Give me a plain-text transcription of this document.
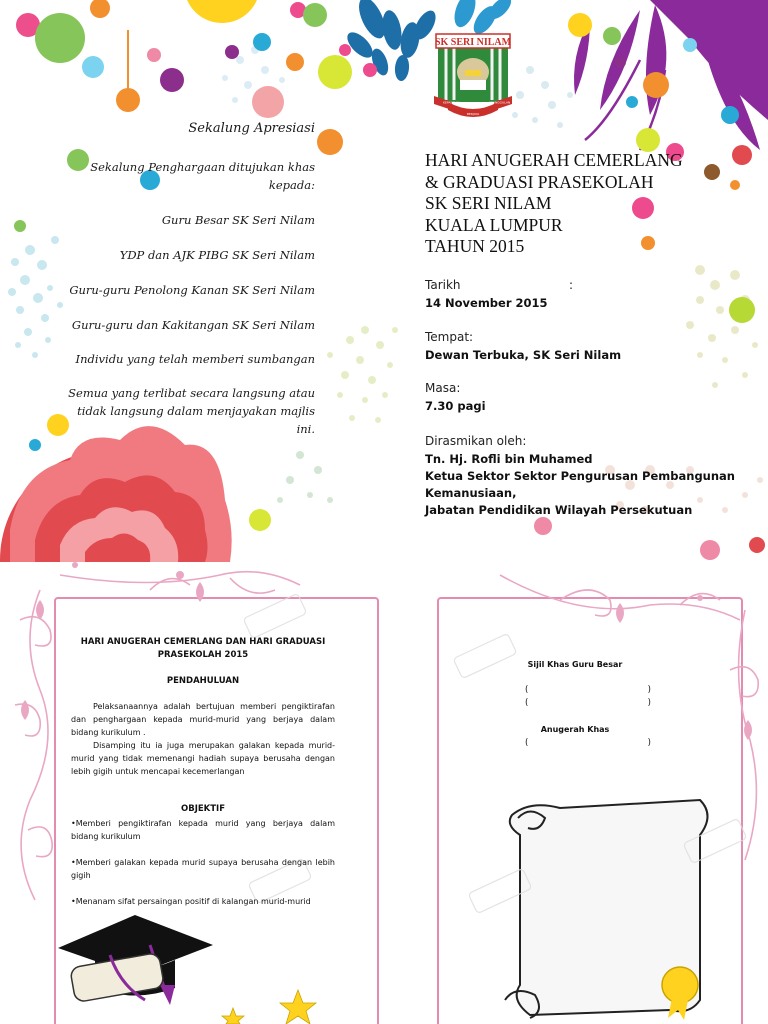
SK SERI NILAM
KEPASTIAN	KEUNGGULAN
BERJAYA
Sekalung Apresiasi
Sekalung Penghargaan ditujukan khas kepada:
Guru Besar SK Seri Nilam
YDP dan AJK PIBG SK Seri Nilam
Guru-guru Penolong Kanan SK Seri Nilam
Guru-guru dan Kakitangan SK Seri Nilam
Individu yang telah memberi sumbangan
Semua yang terlibat secara langsung atau tidak langsung dalam menjayakan majlis ini.
HARI ANUGERAH CEMERLANG
& GRADUASI PRASEKOLAH
SK SERI NILAM
KUALA LUMPUR
TAHUN 2015
Tarikh	:
14 November 2015
Tempat:
Dewan Terbuka, SK Seri Nilam
Masa:
7.30 pagi
Dirasmikan oleh:
Tn. Hj. Rofli bin Muhamed
Ketua Sektor Sektor Pengurusan Pembangunan
Kemanusiaan,
Jabatan Pendidikan Wilayah Persekutuan
HARI ANUGERAH CEMERLANG DAN HARI GRADUASI
PRASEKOLAH 2015
PENDAHULUAN
Pelaksanaannya adalah bertujuan memberi pengiktirafan dan penghargaan kepada murid-murid yang berjaya dalam bidang kurikulum .
Disamping itu ia juga merupakan galakan kepada murid-murid yang tidak memenangi hadiah supaya berusaha dengan lebih gigih untuk mencapai kecemerlangan
OBJEKTIF
•Memberi pengiktirafan kepada murid yang berjaya dalam bidang kurikulum
•Memberi galakan kepada murid supaya berusaha dengan lebih gigih
•Menanam sifat persaingan positif di kalangan murid-murid
Sijil Khas Guru Besar
(	)
(	)
Anugerah Khas
(	)
